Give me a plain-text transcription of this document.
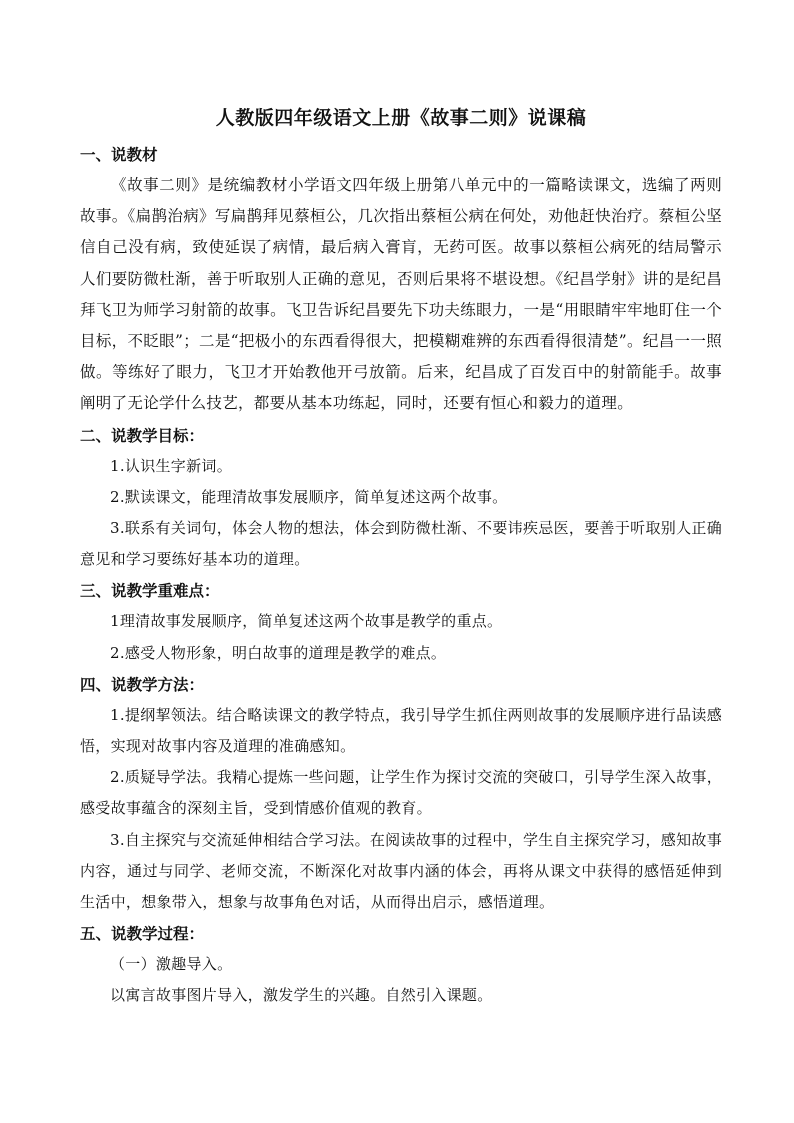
人教版四年级语文上册《故事二则》说课稿

一、说教材

《故事二则》是统编教材小学语文四年级上册第八单元中的一篇略读课文，选编了两则故事。《扁鹊治病》写扁鹊拜见蔡桓公，几次指出蔡桓公病在何处，劝他赶快治疗。蔡桓公坚信自己没有病，致使延误了病情，最后病入膏肓，无药可医。故事以蔡桓公病死的结局警示人们要防微杜渐，善于听取别人正确的意见，否则后果将不堪设想。《纪昌学射》讲的是纪昌拜飞卫为师学习射箭的故事。飞卫告诉纪昌要先下功夫练眼力，一是“用眼睛牢牢地盯住一个目标，不眨眼”；二是“把极小的东西看得很大，把模糊难辨的东西看得很清楚”。纪昌一一照做。等练好了眼力，飞卫才开始教他开弓放箭。后来，纪昌成了百发百中的射箭能手。故事阐明了无论学什么技艺，都要从基本功练起，同时，还要有恒心和毅力的道理。

二、说教学目标：

1.认识生字新词。

2.默读课文，能理清故事发展顺序，简单复述这两个故事。

3.联系有关词句，体会人物的想法，体会到防微杜渐、不要讳疾忌医，要善于听取别人正确意见和学习要练好基本功的道理。

三、说教学重难点：

1理清故事发展顺序，简单复述这两个故事是教学的重点。

2.感受人物形象，明白故事的道理是教学的难点。

四、说教学方法：

1.提纲挈领法。结合略读课文的教学特点，我引导学生抓住两则故事的发展顺序进行品读感悟，实现对故事内容及道理的准确感知。

2.质疑导学法。我精心提炼一些问题，让学生作为探讨交流的突破口，引导学生深入故事，感受故事蕴含的深刻主旨，受到情感价值观的教育。

3.自主探究与交流延伸相结合学习法。在阅读故事的过程中，学生自主探究学习，感知故事内容，通过与同学、老师交流，不断深化对故事内涵的体会，再将从课文中获得的感悟延伸到生活中，想象带入，想象与故事角色对话，从而得出启示，感悟道理。

五、说教学过程：

（一）激趣导入。

以寓言故事图片导入，激发学生的兴趣。自然引入课题。
